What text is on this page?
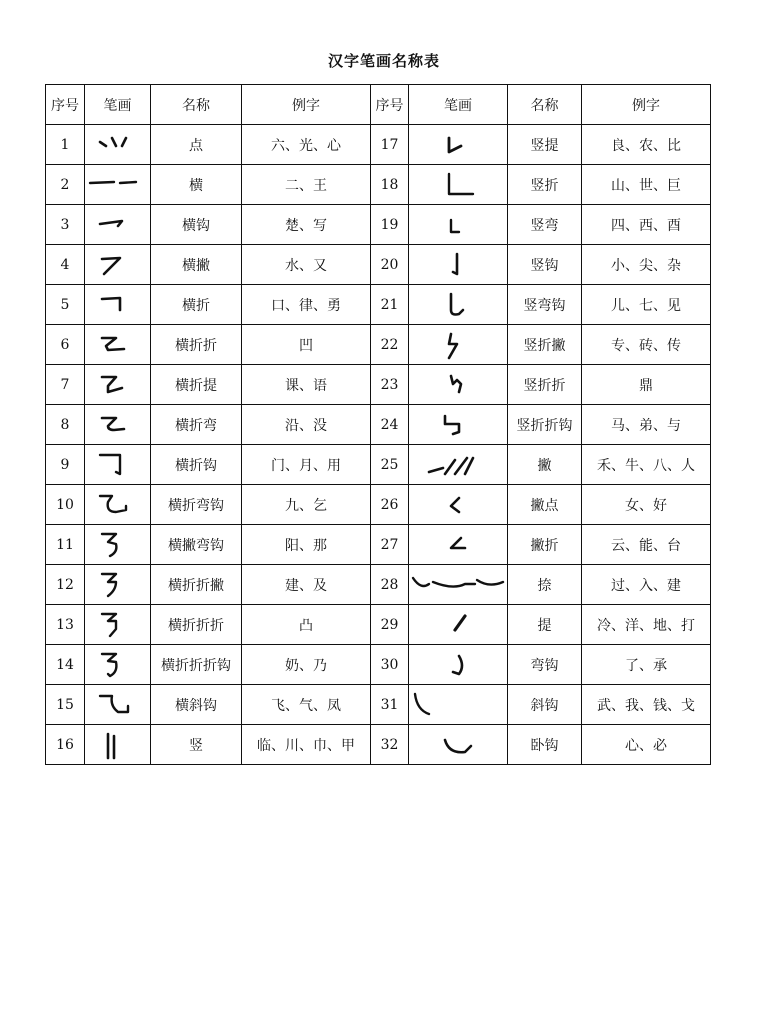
汉字笔画名称表
序号	笔画	名称	例字	序号	笔画	名称	例字
1		点	六、光、心	17		竖提	良、农、比
2		横	二、王	18		竖折	山、世、巨
3		横钩	楚、写	19		竖弯	四、西、酉
4		横撇	水、又	20		竖钩	小、尖、杂
5		横折	口、律、勇	21		竖弯钩	儿、七、见
6		横折折	凹	22		竖折撇	专、砖、传
7		横折提	课、语	23		竖折折	鼎
8		横折弯	沿、没	24		竖折折钩	马、弟、与
9		横折钩	门、月、用	25		撇	禾、牛、八、人
10		横折弯钩	九、乞	26		撇点	女、好
11		横撇弯钩	阳、那	27		撇折	云、能、台
12		横折折撇	建、及	28		捺	过、入、建
13		横折折折	凸	29		提	冷、洋、地、打
14		横折折折钩	奶、乃	30		弯钩	了、承
15		横斜钩	飞、气、凤	31		斜钩	武、我、钱、戈
16		竖	临、川、巾、甲	32		卧钩	心、必
